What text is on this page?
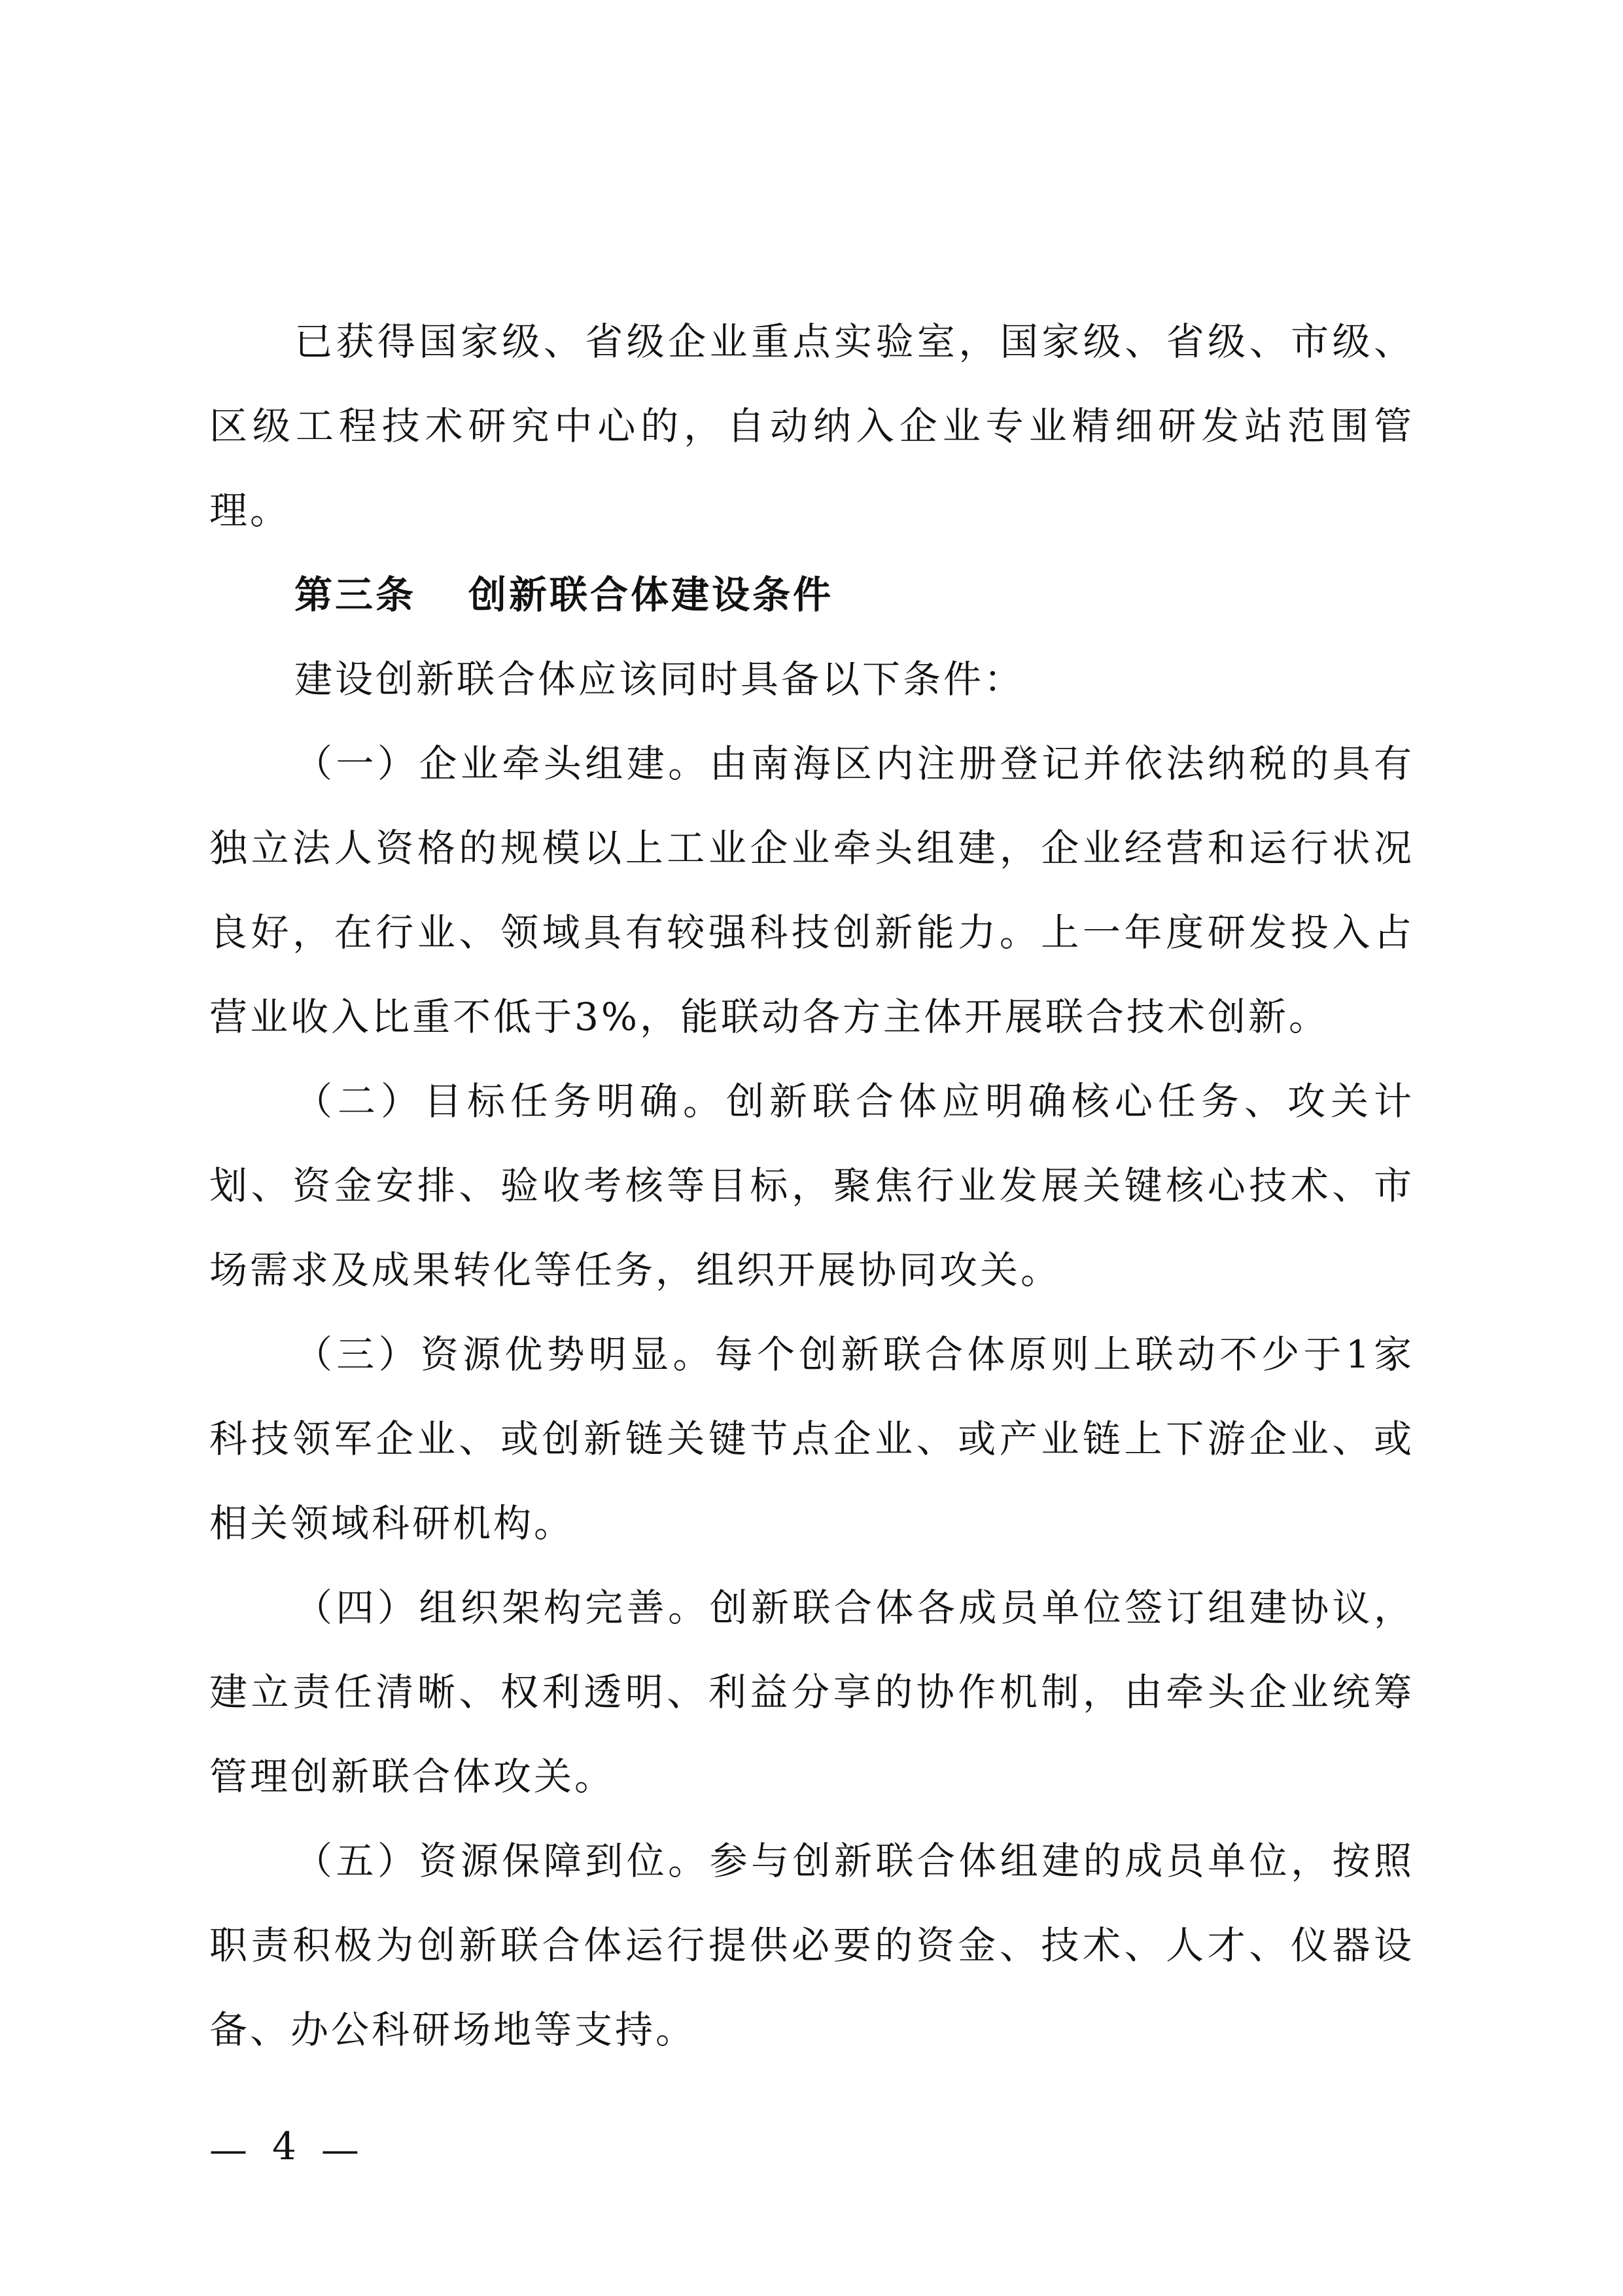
已获得国家级、省级企业重点实验室，国家级、省级、市级、区级工程技术研究中心的，自动纳入企业专业精细研发站范围管理。

第三条 创新联合体建设条件

建设创新联合体应该同时具备以下条件：

（一）企业牵头组建。由南海区内注册登记并依法纳税的具有独立法人资格的规模以上工业企业牵头组建，企业经营和运行状况良好，在行业、领域具有较强科技创新能力。上一年度研发投入占营业收入比重不低于3%，能联动各方主体开展联合技术创新。

（二）目标任务明确。创新联合体应明确核心任务、攻关计划、资金安排、验收考核等目标，聚焦行业发展关键核心技术、市场需求及成果转化等任务，组织开展协同攻关。

（三）资源优势明显。每个创新联合体原则上联动不少于1家科技领军企业、或创新链关键节点企业、或产业链上下游企业、或相关领域科研机构。

（四）组织架构完善。创新联合体各成员单位签订组建协议，建立责任清晰、权利透明、利益分享的协作机制，由牵头企业统筹管理创新联合体攻关。

（五）资源保障到位。参与创新联合体组建的成员单位，按照职责积极为创新联合体运行提供必要的资金、技术、人才、仪器设备、办公科研场地等支持。

— 4 —
